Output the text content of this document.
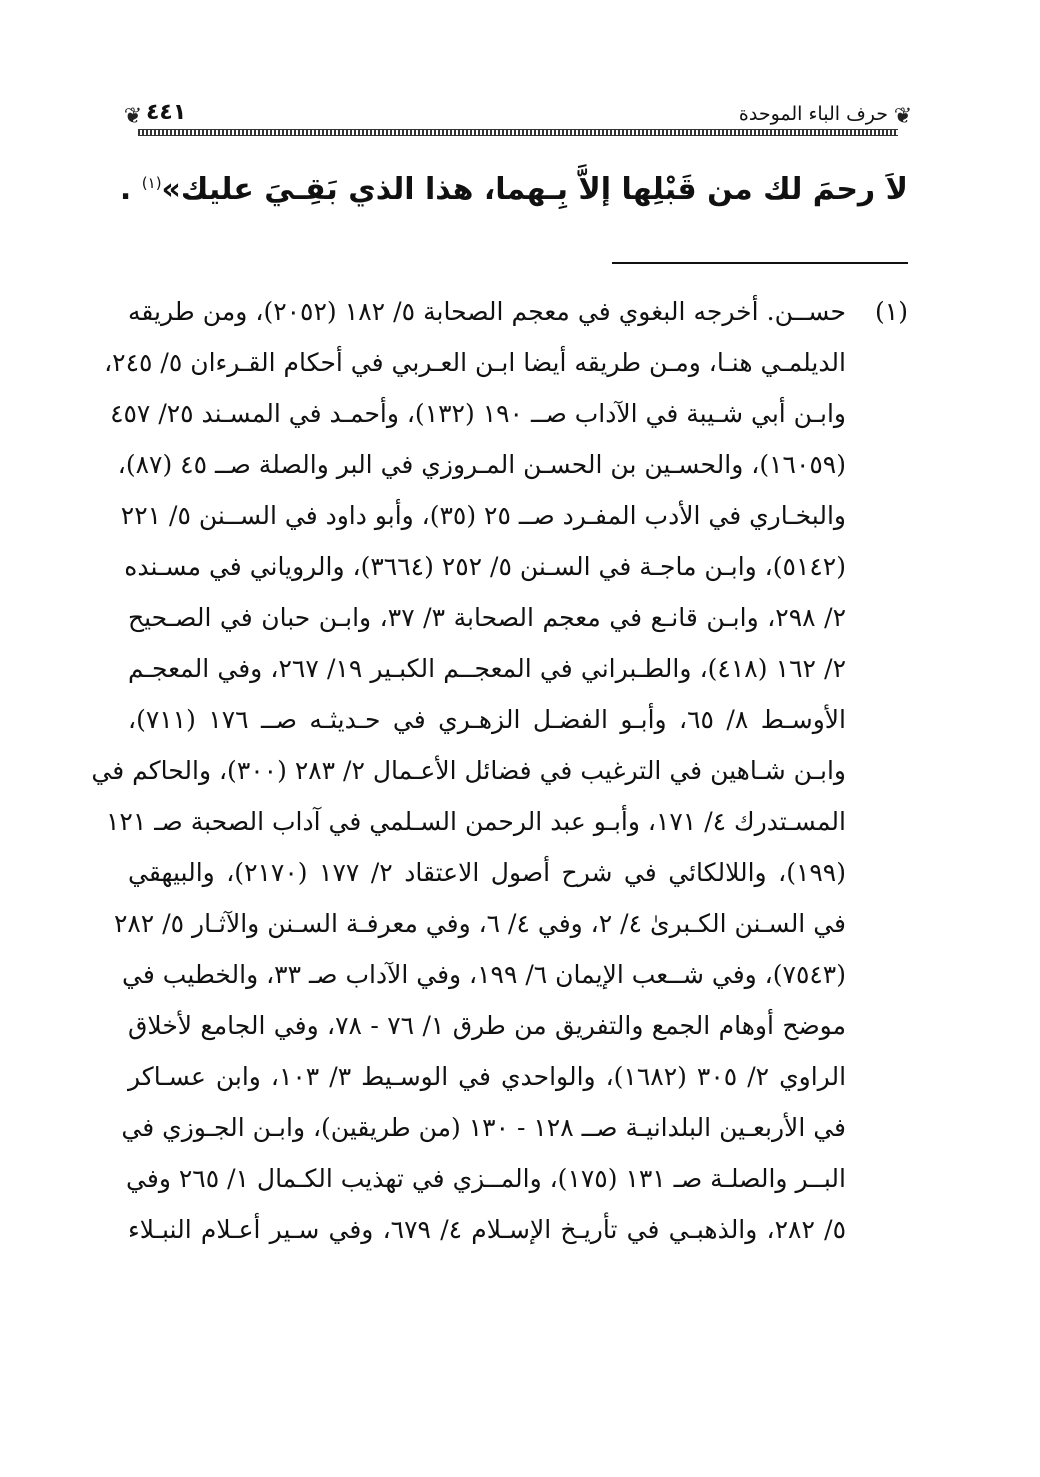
❦
حرف الباء الموحدة
٤٤١
❦
لاَ رحمَ لك من قَبْلِها إلاَّ بِـهما، هذا الذي بَقِـيَ عليك»$^{(١)}$ .
(١)
حســن. أخرجه البغوي في معجم الصحابة ٥/ ١٨٢ (٢٠٥٢)، ومن طريقه
الديلمـي هنـا، ومـن طريقه أيضا ابـن العـربي في أحكام القـرءان ٥/ ٢٤٥،
وابـن أبي شـيبة في الآداب صــ ١٩٠ (١٣٢)، وأحمـد في المسـند ٢٥/ ٤٥٧
(١٦٠٥٩)، والحسـين بن الحسـن المـروزي في البر والصلة صــ ٤٥ (٨٧)،
والبخـاري في الأدب المفـرد صــ ٢٥ (٣٥)، وأبو داود في الســنن ٥/ ٢٢١
(٥١٤٢)، وابـن ماجـة في السـنن ٥/ ٢٥٢ (٣٦٦٤)، والروياني في مسـنده
٢/ ٢٩٨، وابـن قانـع في معجم الصحابة ٣/ ٣٧، وابـن حبان في الصـحيح
٢/ ١٦٢ (٤١٨)، والطـبراني في المعجــم الكبـير ١٩/ ٢٦٧، وفي المعجـم
الأوسـط ٨/ ٦٥، وأبـو الفضـل الزهـري في حـديثـه صــ ١٧٦ (٧١١)،
وابـن شـاهين في الترغيب في فضائل الأعـمال ٢/ ٢٨٣ (٣٠٠)، والحاكم في
المسـتدرك ٤/ ١٧١، وأبـو عبد الرحمن السـلمي في آداب الصحبة صـ ١٢١
(١٩٩)، واللالكائي في شرح أصول الاعتقاد ٢/ ١٧٧ (٢١٧٠)، والبيهقي
في السـنن الكـبرىٰ ٤/ ٢، وفي ٤/ ٦، وفي معرفـة السـنن والآثـار ٥/ ٢٨٢
(٧٥٤٣)، وفي شــعب الإيمان ٦/ ١٩٩، وفي الآداب صـ ٣٣، والخطيب في
موضح أوهام الجمع والتفريق من طرق ١/ ٧٦ - ٧٨، وفي الجامع لأخلاق
الراوي ٢/ ٣٠٥ (١٦٨٢)، والواحدي في الوسـيط ٣/ ١٠٣، وابن عسـاكر
في الأربعـين البلدانيـة صــ ١٢٨ - ١٣٠ (من طريقين)، وابـن الجـوزي في
البــر والصلـة صـ ١٣١ (١٧٥)، والمــزي في تهذيب الكـمال ١/ ٢٦٥ وفي
٥/ ٢٨٢، والذهبـي في تأريـخ الإسـلام ٤/ ٦٧٩، وفي سـير أعـلام النبـلاء
